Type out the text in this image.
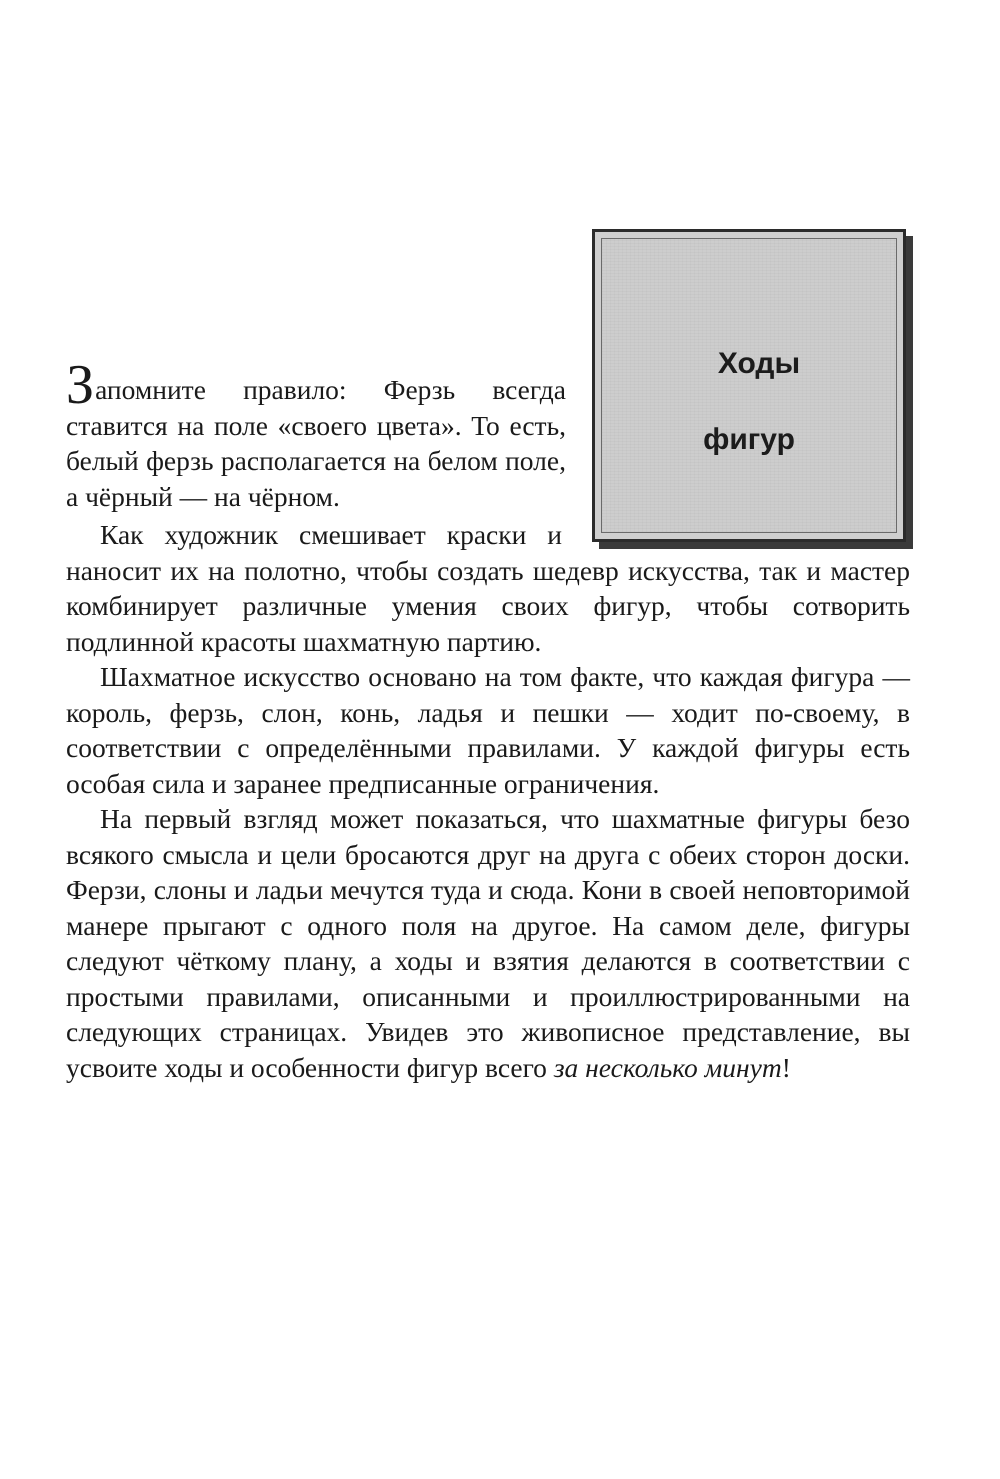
Ходы
фигур

Запомните правило: Ферзь всегда ставится на поле «своего цвета». То есть, белый ферзь располагается на белом поле, а чёрный — на чёрном.

Как художник смешивает краски и наносит их на полотно, чтобы создать шедевр искусства, так и мастер комбинирует различные умения своих фигур, чтобы сотворить подлинной красоты шахматную партию.

Шахматное искусство основано на том факте, что каждая фигура — король, ферзь, слон, конь, ладья и пешки — ходит по-своему, в соответствии с определёнными правилами. У каждой фигуры есть особая сила и заранее предписанные ограничения.

На первый взгляд может показаться, что шахматные фигуры безо всякого смысла и цели бросаются друг на друга с обеих сторон доски. Ферзи, слоны и ладьи мечутся туда и сюда. Кони в своей неповторимой манере прыгают с одного поля на другое. На самом деле, фигуры следуют чёткому плану, а ходы и взятия делаются в соответствии с простыми правилами, описанными и проиллюстрированными на следующих страницах. Увидев это живописное представление, вы усвоите ходы и особенности фигур всего за несколько минут!
